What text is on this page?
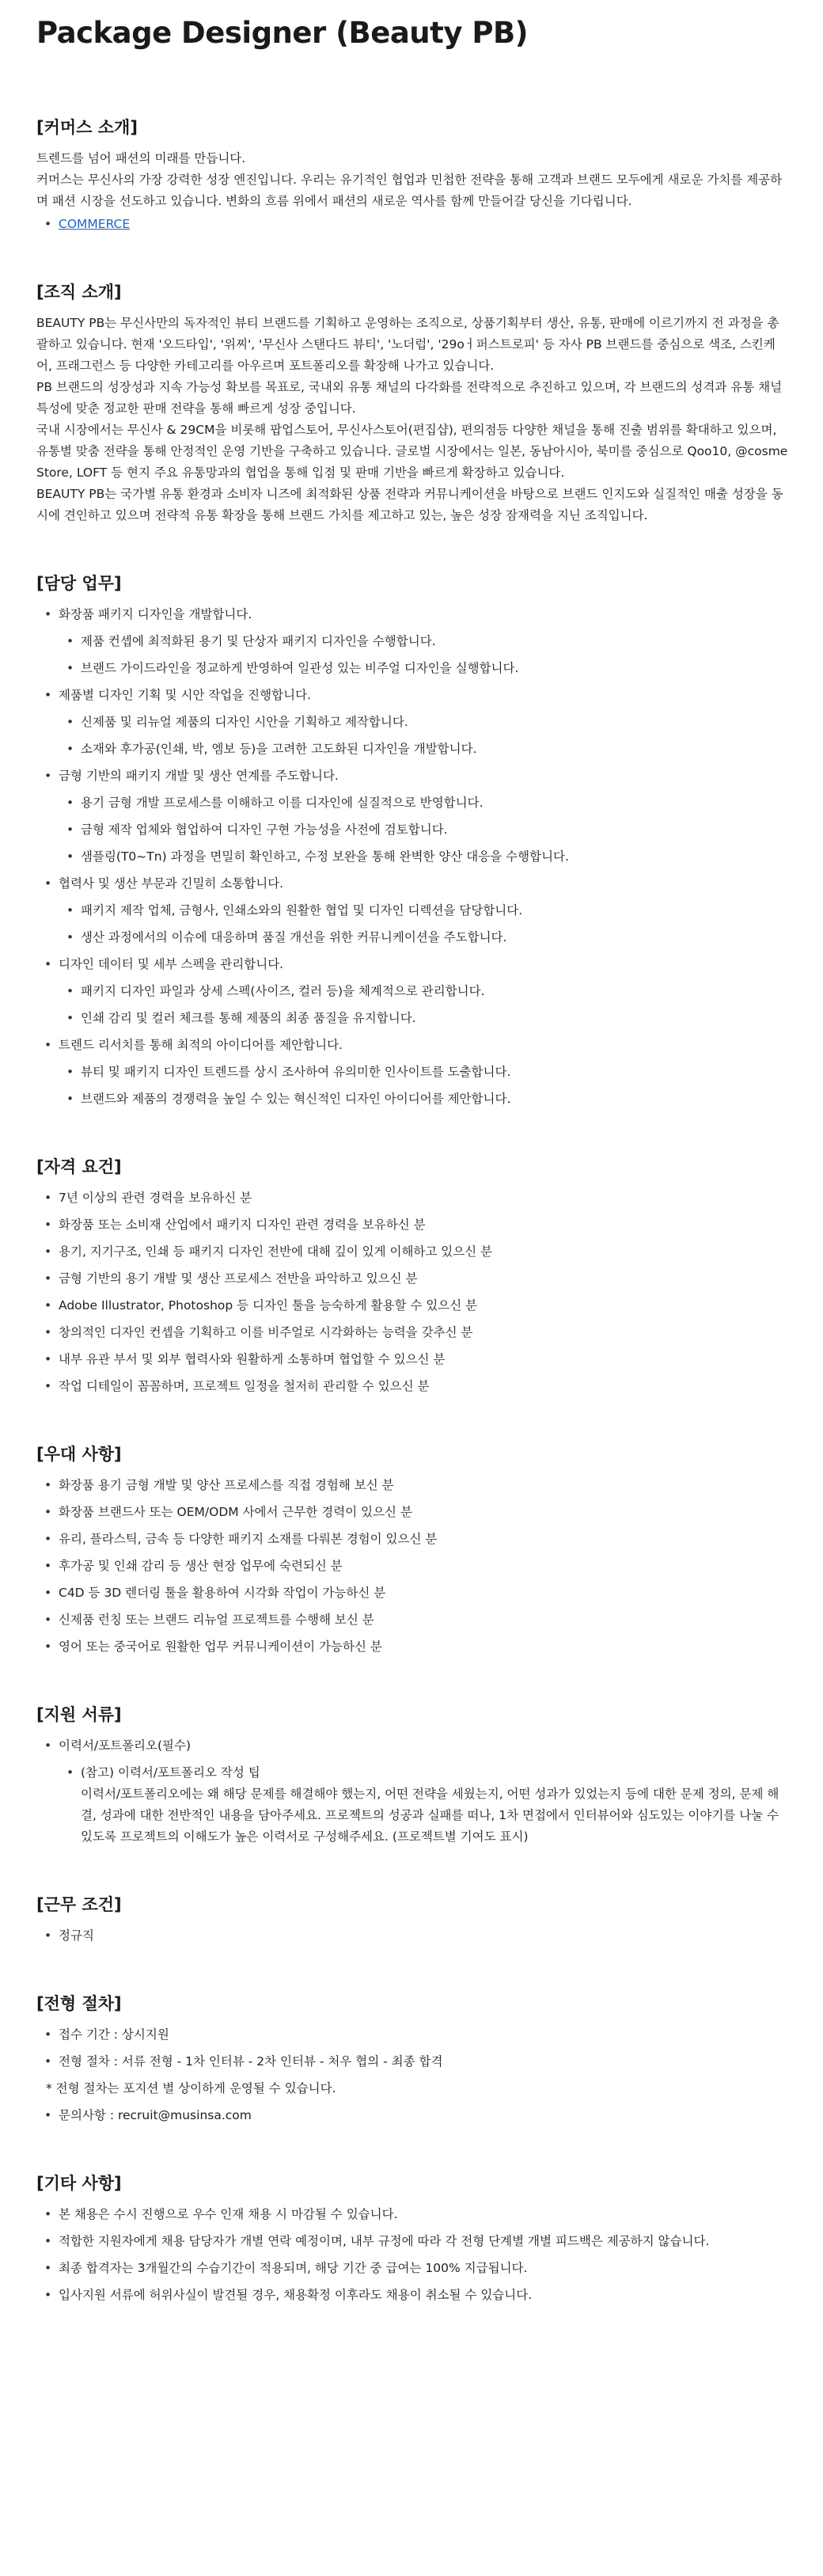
Package Designer (Beauty PB)
[커머스 소개]

트렌드를 넘어 패션의 미래를 만듭니다.

커머스는 무신사의 가장 강력한 성장 엔진입니다. 우리는 유기적인 협업과 민첩한 전략을 통해 고객과 브랜드 모두에게 새로운 가치를 제공하며 패션 시장을 선도하고 있습니다. 변화의 흐름 위에서 패션의 새로운 역사를 함께 만들어갈 당신을 기다립니다.

• COMMERCE
[조직 소개]

BEAUTY PB는 무신사만의 독자적인 뷰티 브랜드를 기획하고 운영하는 조직으로, 상품기획부터 생산, 유통, 판매에 이르기까지 전 과정을 총괄하고 있습니다. 현재 '오드타입', '위찌', '무신사 스탠다드 뷰티', '노더럽', '29oㅓ퍼스트로피' 등 자사 PB 브랜드를 중심으로 색조, 스킨케어, 프래그런스 등 다양한 카테고리를 아우르며 포트폴리오를 확장해 나가고 있습니다.

PB 브랜드의 성장성과 지속 가능성 확보를 목표로, 국내외 유통 채널의 다각화를 전략적으로 추진하고 있으며, 각 브랜드의 성격과 유통 채널 특성에 맞춘 정교한 판매 전략을 통해 빠르게 성장 중입니다.

국내 시장에서는 무신사 & 29CM을 비롯해 팝업스토어, 무신사스토어(편집샵), 편의점등 다양한 채널을 통해 진출 범위를 확대하고 있으며, 유통별 맞춤 전략을 통해 안정적인 운영 기반을 구축하고 있습니다. 글로벌 시장에서는 일본, 동남아시아, 북미를 중심으로 Qoo10, @cosme Store, LOFT 등 현지 주요 유통망과의 협업을 통해 입점 및 판매 기반을 빠르게 확장하고 있습니다.

BEAUTY PB는 국가별 유통 환경과 소비자 니즈에 최적화된 상품 전략과 커뮤니케이션을 바탕으로 브랜드 인지도와 실질적인 매출 성장을 동시에 견인하고 있으며 전략적 유통 확장을 통해 브랜드 가치를 제고하고 있는, 높은 성장 잠재력을 지닌 조직입니다.

[담당 업무]
• 화장품 패키지 디자인을 개발합니다.
• 제품 컨셉에 최적화된 용기 및 단상자 패키지 디자인을 수행합니다.
• 브랜드 가이드라인을 정교하게 반영하여 일관성 있는 비주얼 디자인을 실행합니다.
• 제품별 디자인 기획 및 시안 작업을 진행합니다.
• 신제품 및 리뉴얼 제품의 디자인 시안을 기획하고 제작합니다.
• 소재와 후가공(인쇄, 박, 엠보 등)을 고려한 고도화된 디자인을 개발합니다.
• 금형 기반의 패키지 개발 및 생산 연계를 주도합니다.
• 용기 금형 개발 프로세스를 이해하고 이를 디자인에 실질적으로 반영합니다.
• 금형 제작 업체와 협업하여 디자인 구현 가능성을 사전에 검토합니다.
• 샘플링(T0~Tn) 과정을 면밀히 확인하고, 수정 보완을 통해 완벽한 양산 대응을 수행합니다.
• 협력사 및 생산 부문과 긴밀히 소통합니다.
• 패키지 제작 업체, 금형사, 인쇄소와의 원활한 협업 및 디자인 디렉션을 담당합니다.
• 생산 과정에서의 이슈에 대응하며 품질 개선을 위한 커뮤니케이션을 주도합니다.
• 디자인 데이터 및 세부 스펙을 관리합니다.
• 패키지 디자인 파일과 상세 스펙(사이즈, 컬러 등)을 체계적으로 관리합니다.
• 인쇄 감리 및 컬러 체크를 통해 제품의 최종 품질을 유지합니다.
• 트렌드 리서치를 통해 최적의 아이디어를 제안합니다.
• 뷰티 및 패키지 디자인 트렌드를 상시 조사하여 유의미한 인사이트를 도출합니다.
• 브랜드와 제품의 경쟁력을 높일 수 있는 혁신적인 디자인 아이디어를 제안합니다.
[자격 요건]
• 7년 이상의 관련 경력을 보유하신 분
• 화장품 또는 소비재 산업에서 패키지 디자인 관련 경력을 보유하신 분
• 용기, 지기구조, 인쇄 등 패키지 디자인 전반에 대해 깊이 있게 이해하고 있으신 분
• 금형 기반의 용기 개발 및 생산 프로세스 전반을 파악하고 있으신 분
• Adobe Illustrator, Photoshop 등 디자인 툴을 능숙하게 활용할 수 있으신 분
• 창의적인 디자인 컨셉을 기획하고 이를 비주얼로 시각화하는 능력을 갖추신 분
• 내부 유관 부서 및 외부 협력사와 원활하게 소통하며 협업할 수 있으신 분
• 작업 디테일이 꼼꼼하며, 프로젝트 일정을 철저히 관리할 수 있으신 분
[우대 사항]
• 화장품 용기 금형 개발 및 양산 프로세스를 직접 경험해 보신 분
• 화장품 브랜드사 또는 OEM/ODM 사에서 근무한 경력이 있으신 분
• 유리, 플라스틱, 금속 등 다양한 패키지 소재를 다뤄본 경험이 있으신 분
• 후가공 및 인쇄 감리 등 생산 현장 업무에 숙련되신 분
• C4D 등 3D 렌더링 툴을 활용하여 시각화 작업이 가능하신 분
• 신제품 런칭 또는 브랜드 리뉴얼 프로젝트를 수행해 보신 분
• 영어 또는 중국어로 원활한 업무 커뮤니케이션이 가능하신 분
[지원 서류]
• 이력서/포트폴리오(필수)
• (참고) 이력서/포트폴리오 작성 팁
이력서/포트폴리오에는 왜 해당 문제를 해결해야 했는지, 어떤 전략을 세웠는지, 어떤 성과가 있었는지 등에 대한 문제 정의, 문제 해결, 성과에 대한 전반적인 내용을 담아주세요. 프로젝트의 성공과 실패를 떠나, 1차 면접에서 인터뷰어와 심도있는 이야기를 나눌 수 있도록 프로젝트의 이해도가 높은 이력서로 구성해주세요. (프로젝트별 기여도 표시)
[근무 조건]
• 정규직
[전형 절차]
• 접수 기간 : 상시지원
• 전형 절차 : 서류 전형 - 1차 인터뷰 - 2차 인터뷰 - 처우 협의 - 최종 합격
* 전형 절차는 포지션 별 상이하게 운영될 수 있습니다.
• 문의사항 : recruit@musinsa.com
[기타 사항]
• 본 채용은 수시 진행으로 우수 인재 채용 시 마감될 수 있습니다.
• 적합한 지원자에게 채용 담당자가 개별 연락 예정이며, 내부 규정에 따라 각 전형 단계별 개별 피드백은 제공하지 않습니다.
• 최종 합격자는 3개월간의 수습기간이 적용되며, 해당 기간 중 급여는 100% 지급됩니다.
• 입사지원 서류에 허위사실이 발견될 경우, 채용확정 이후라도 채용이 취소될 수 있습니다.
